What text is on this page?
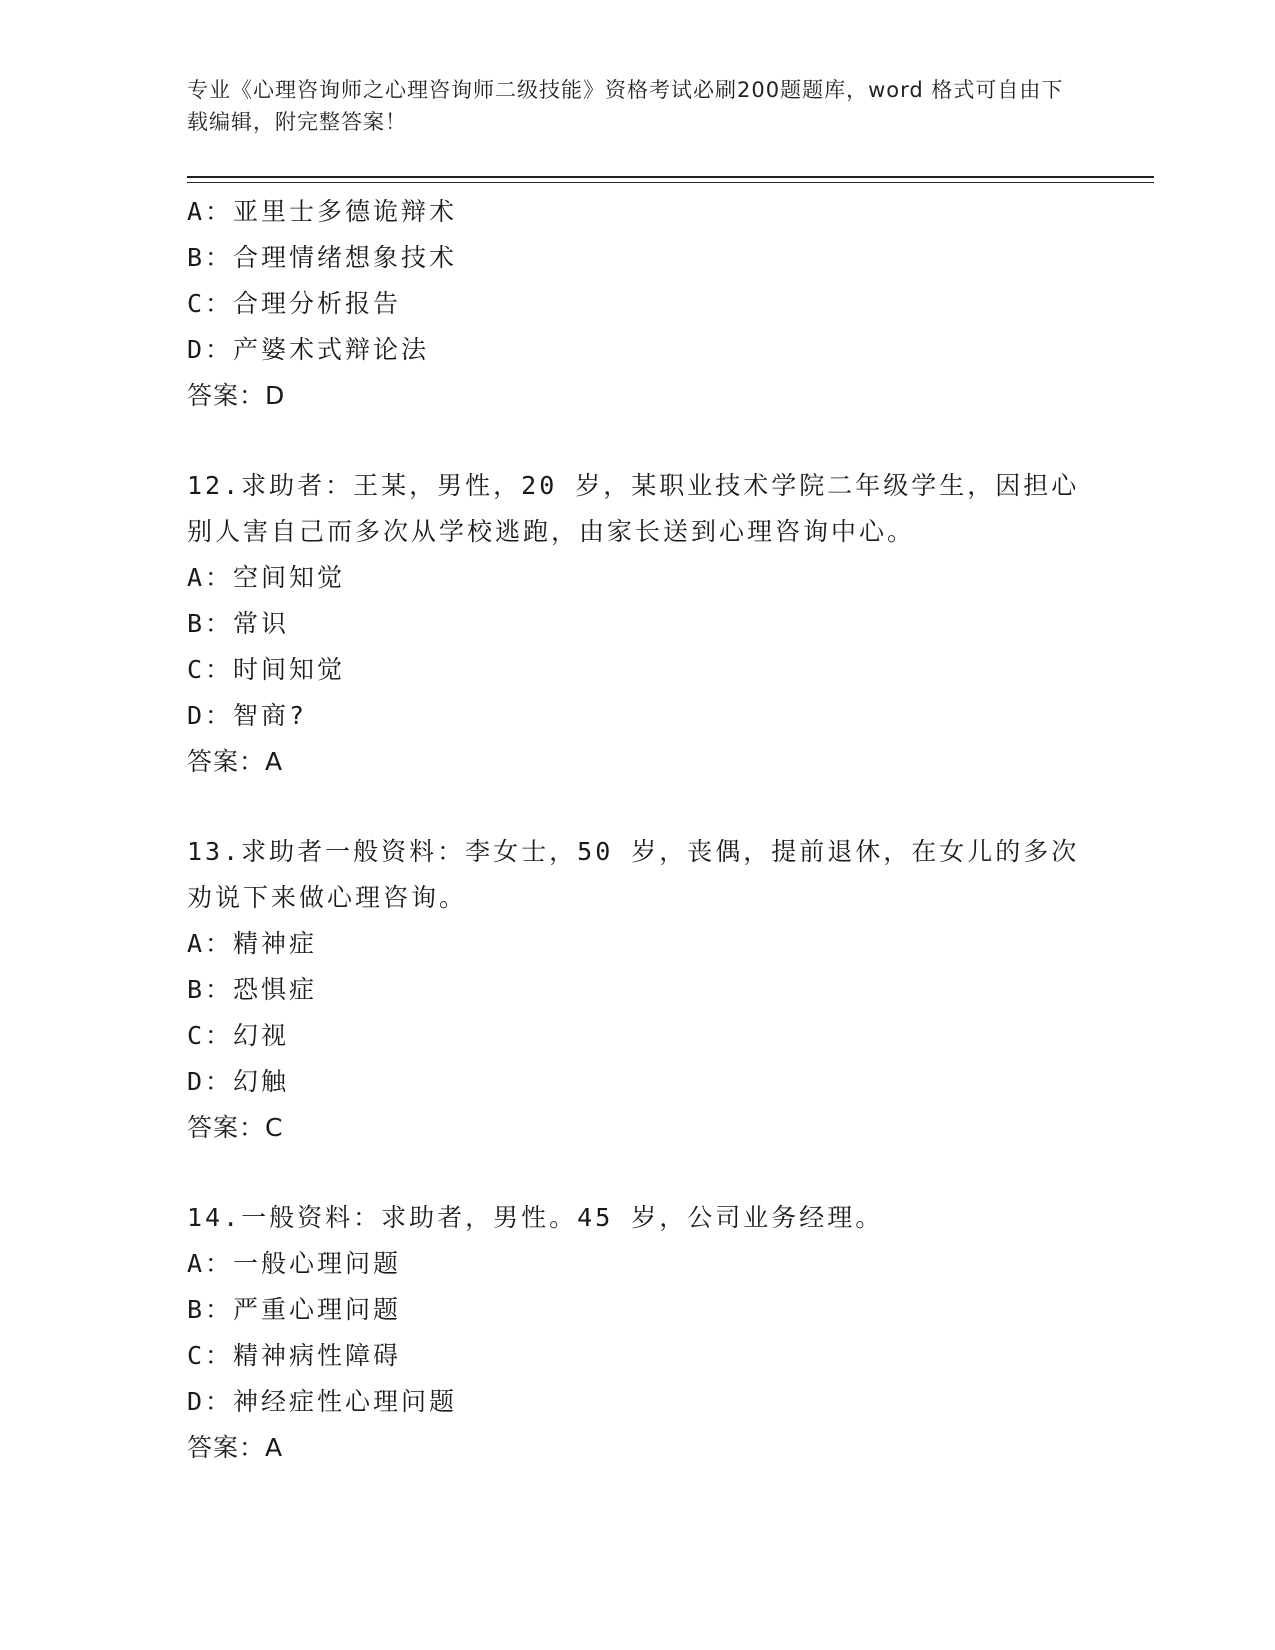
专业《心理咨询师之心理咨询师二级技能》资格考试必刷200题题库，word 格式可自由下载编辑，附完整答案！
A：亚里士多德诡辩术
B：合理情绪想象技术
C：合理分析报告
D：产婆术式辩论法
答案：D
12.求助者：王某，男性，20 岁，某职业技术学院二年级学生，因担心
别人害自己而多次从学校逃跑，由家长送到心理咨询中心。
A：空间知觉
B：常识
C：时间知觉
D：智商?
答案：A
13.求助者一般资料：李女士，50 岁，丧偶，提前退休，在女儿的多次
劝说下来做心理咨询。
A：精神症
B：恐惧症
C：幻视
D：幻触
答案：C
14.一般资料：求助者，男性。45 岁，公司业务经理。
A：一般心理问题
B：严重心理问题
C：精神病性障碍
D：神经症性心理问题
答案：A
